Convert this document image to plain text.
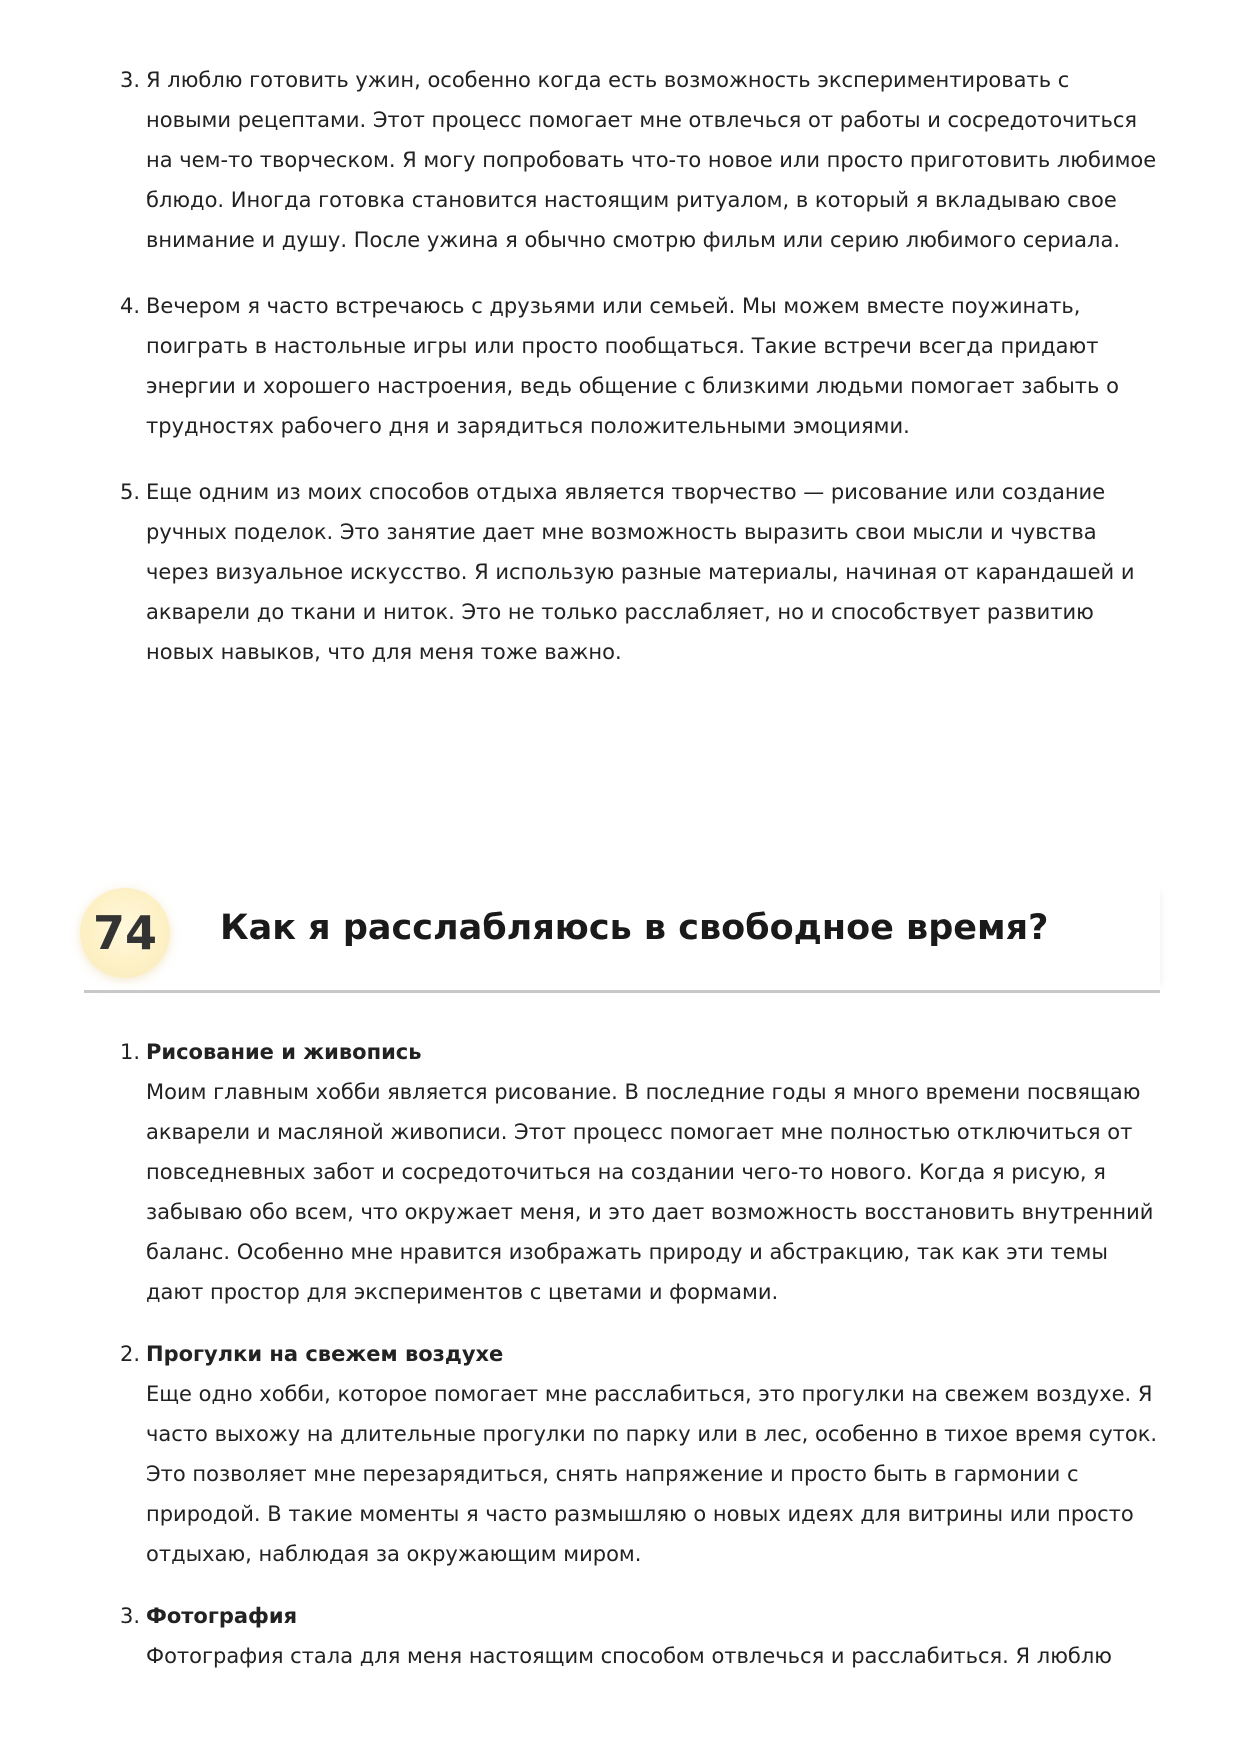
3. Я люблю готовить ужин, особенно когда есть возможность экспериментировать с новыми рецептами. Этот процесс помогает мне отвлечься от работы и сосредоточиться на чем-то творческом. Я могу попробовать что-то новое или просто приготовить любимое блюдо. Иногда готовка становится настоящим ритуалом, в который я вкладываю свое внимание и душу. После ужина я обычно смотрю фильм или серию любимого сериала.
4. Вечером я часто встречаюсь с друзьями или семьей. Мы можем вместе поужинать, поиграть в настольные игры или просто пообщаться. Такие встречи всегда придают энергии и хорошего настроения, ведь общение с близкими людьми помогает забыть о трудностях рабочего дня и зарядиться положительными эмоциями.
5. Еще одним из моих способов отдыха является творчество — рисование или создание ручных поделок. Это занятие дает мне возможность выразить свои мысли и чувства через визуальное искусство. Я использую разные материалы, начиная от карандашей и акварели до ткани и ниток. Это не только расслабляет, но и способствует развитию новых навыков, что для меня тоже важно.
74	Как я расслабляюсь в свободное время?
1. Рисование и живопись
Моим главным хобби является рисование. В последние годы я много времени посвящаю акварели и масляной живописи. Этот процесс помогает мне полностью отключиться от повседневных забот и сосредоточиться на создании чего-то нового. Когда я рисую, я забываю обо всем, что окружает меня, и это дает возможность восстановить внутренний баланс. Особенно мне нравится изображать природу и абстракцию, так как эти темы дают простор для экспериментов с цветами и формами.
2. Прогулки на свежем воздухе
Еще одно хобби, которое помогает мне расслабиться, это прогулки на свежем воздухе. Я часто выхожу на длительные прогулки по парку или в лес, особенно в тихое время суток. Это позволяет мне перезарядиться, снять напряжение и просто быть в гармонии с природой. В такие моменты я часто размышляю о новых идеях для витрины или просто отдыхаю, наблюдая за окружающим миром.
3. Фотография
Фотография стала для меня настоящим способом отвлечься и расслабиться. Я люблю
